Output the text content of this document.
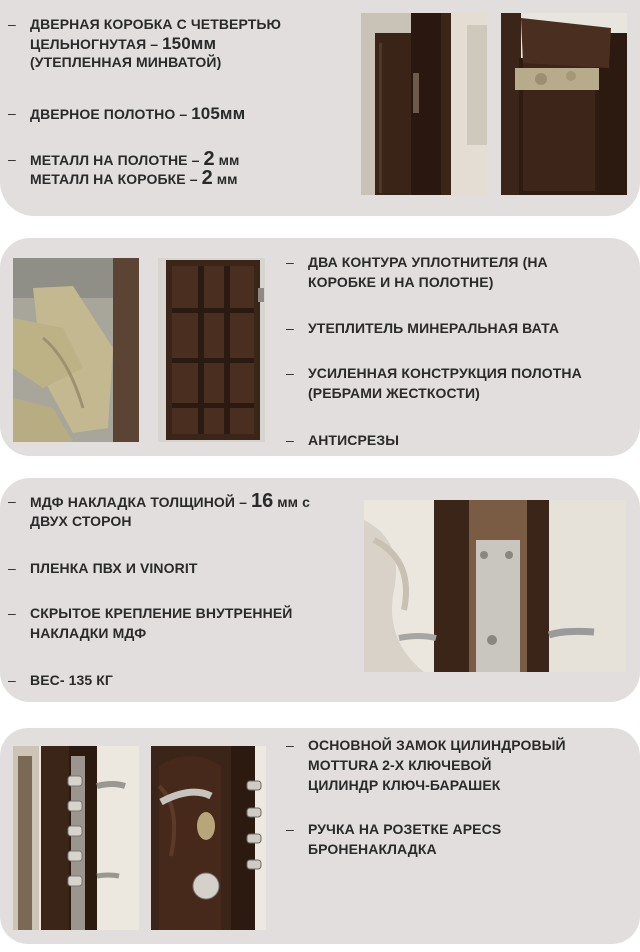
– ДВЕРНАЯ КОРОБКА С ЧЕТВЕРТЬЮ
ЦЕЛЬНОГНУТАЯ – 150мм
(УТЕПЛЕННАЯ МИНВАТОЙ)
– ДВЕРНОЕ ПОЛОТНО – 105мм
– МЕТАЛЛ НА ПОЛОТНЕ – 2 мм
МЕТАЛЛ НА КОРОБКЕ – 2 мм
– ДВА КОНТУРА УПЛОТНИТЕЛЯ (НА
КОРОБКЕ И НА ПОЛОТНЕ)
– УТЕПЛИТЕЛЬ МИНЕРАЛЬНАЯ ВАТА
– УСИЛЕННАЯ КОНСТРУКЦИЯ ПОЛОТНА
(РЕБРАМИ ЖЕСТКОСТИ)
– АНТИСРЕЗЫ
– МДФ НАКЛАДКА ТОЛЩИНОЙ – 16 мм с
ДВУХ СТОРОН
– ПЛЕНКА ПВХ И VINORIT
– СКРЫТОЕ КРЕПЛЕНИЕ ВНУТРЕННЕЙ
НАКЛАДКИ МДФ
– ВЕС- 135 КГ
– ОСНОВНОЙ ЗАМОК ЦИЛИНДРОВЫЙ
MOTTURA 2-Х КЛЮЧЕВОЙ
ЦИЛИНДР КЛЮЧ-БАРАШЕК
– РУЧКА НА РОЗЕТКЕ APECS
БРОНЕНАКЛАДКА
